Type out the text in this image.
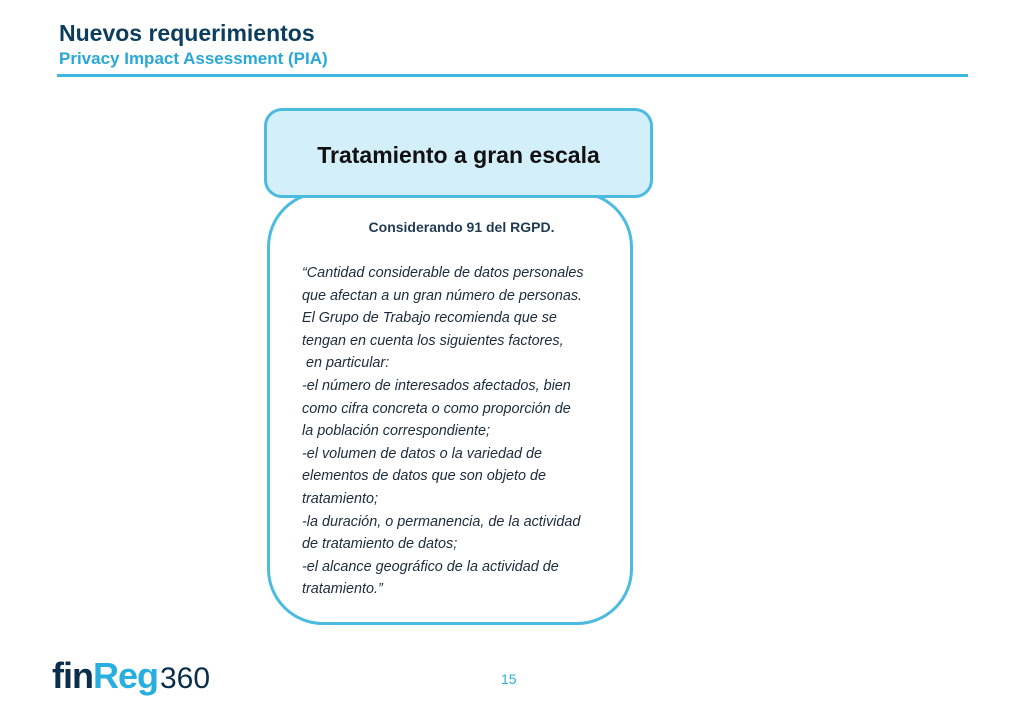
Nuevos requerimientos
Privacy Impact Assessment (PIA)
Tratamiento a gran escala
Considerando 91 del RGPD.
“Cantidad considerable de datos personales
que afectan a un gran número de personas.
El Grupo de Trabajo recomienda que se
tengan en cuenta los siguientes factores,
en particular:
-el número de interesados afectados, bien
como cifra concreta o como proporción de
la población correspondiente;
-el volumen de datos o la variedad de
elementos de datos que son objeto de
tratamiento;
-la duración, o permanencia, de la actividad
de tratamiento de datos;
-el alcance geográfico de la actividad de
tratamiento.”
fin Reg 360	15
